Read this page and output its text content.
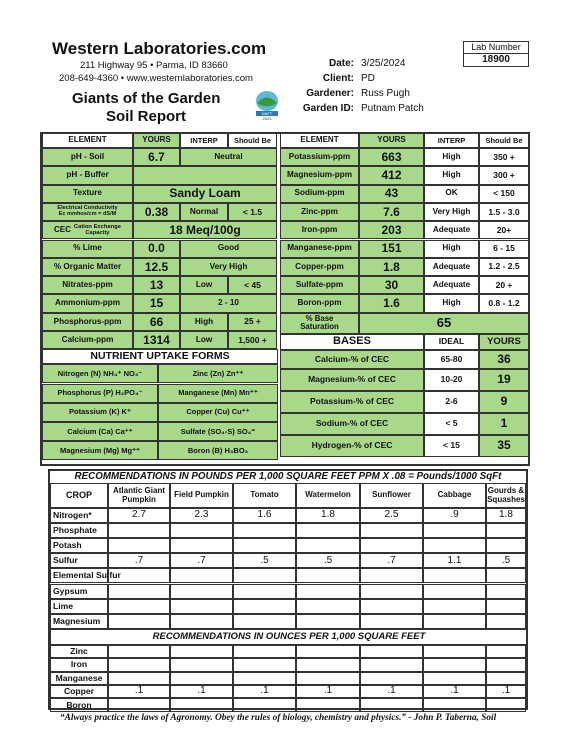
Western Laboratories.com
211 Highway 95 • Parma, ID 83660
208-649-4360 • www.westernlaboratories.com
Giants of the Garden
Soil Report	NAFT
2023
Date: 3/25/2024
Client: PD
Gardener: Russ Pugh
Garden ID: Putnam Patch
Lab Number
18900
ELEMENT	YOURS	INTERP	Should Be
pH - Soil	6.7	Neutral
pH - Buffer
Texture	Sandy Loam
Electrical Conductivity
Ec mmhos/cm = dS/M	0.38	Normal	< 1.5
CEC Cation Exchange
Capacity	18 Meq/100g
% Lime	0.0	Good
% Organic Matter	12.5	Very High
Nitrates-ppm	13	Low	< 45
Ammonium-ppm	15	2 - 10
Phosphorus-ppm	66	High	25 +
Calcium-ppm	1314	Low	1,500 +
NUTRIENT UPTAKE FORMS
Nitrogen (N) NH₄⁺ NO₃⁻	Zinc (Zn) Zn⁺⁺
Phosphorus (P) H₂PO₄⁻	Manganese (Mn) Mn⁺⁺
Potassium (K) K⁺	Copper (Cu) Cu⁺⁺
Calcium (Ca) Ca⁺⁺	Sulfate (SO₄-S) SO₄⁼
Magnesium (Mg) Mg⁺⁺	Boron (B) H₃BO₃
ELEMENT	YOURS	INTERP	Should Be
Potassium-ppm	663	High	350 +
Magnesium-ppm	412	High	300 +
Sodium-ppm	43	OK	< 150
Zinc-ppm	7.6	Very High	1.5 - 3.0
Iron-ppm	203	Adequate	20+
Manganese-ppm	151	High	6 - 15
Copper-ppm	1.8	Adequate	1.2 - 2.5
Sulfate-ppm	30	Adequate	20 +
Boron-ppm	1.6	High	0.8 - 1.2
% Base
Saturation	65
BASES	IDEAL	YOURS
Calcium-% of CEC	65-80	36
Magnesium-% of CEC	10-20	19
Potassium-% of CEC	2-6	9
Sodium-% of CEC	< 5	1
Hydrogen-% of CEC	< 15	35
RECOMMENDATIONS IN POUNDS PER 1,000 SQUARE FEET PPM X .08 = Pounds/1000 SqFt
CROP	Atlantic Giant Pumpkin	Field Pumpkin	Tomato	Watermelon	Sunflower	Cabbage	Gourds & Squashes
Nitrogen*	2.7	2.3	1.6	1.8	2.5	.9	1.8
Phosphate
Potash
Sulfur	.7	.7	.5	.5	.7	1.1	.5
Elemental Sulfur
Gypsum
Lime
Magnesium
RECOMMENDATIONS IN OUNCES PER 1,000 SQUARE FEET
Zinc
Iron
Manganese
Copper	.1	.1	.1	.1	.1	.1	.1
Boron
“Always practice the laws of Agronomy. Obey the rules of biology, chemistry and physics.” - John P. Taberna, Soil
